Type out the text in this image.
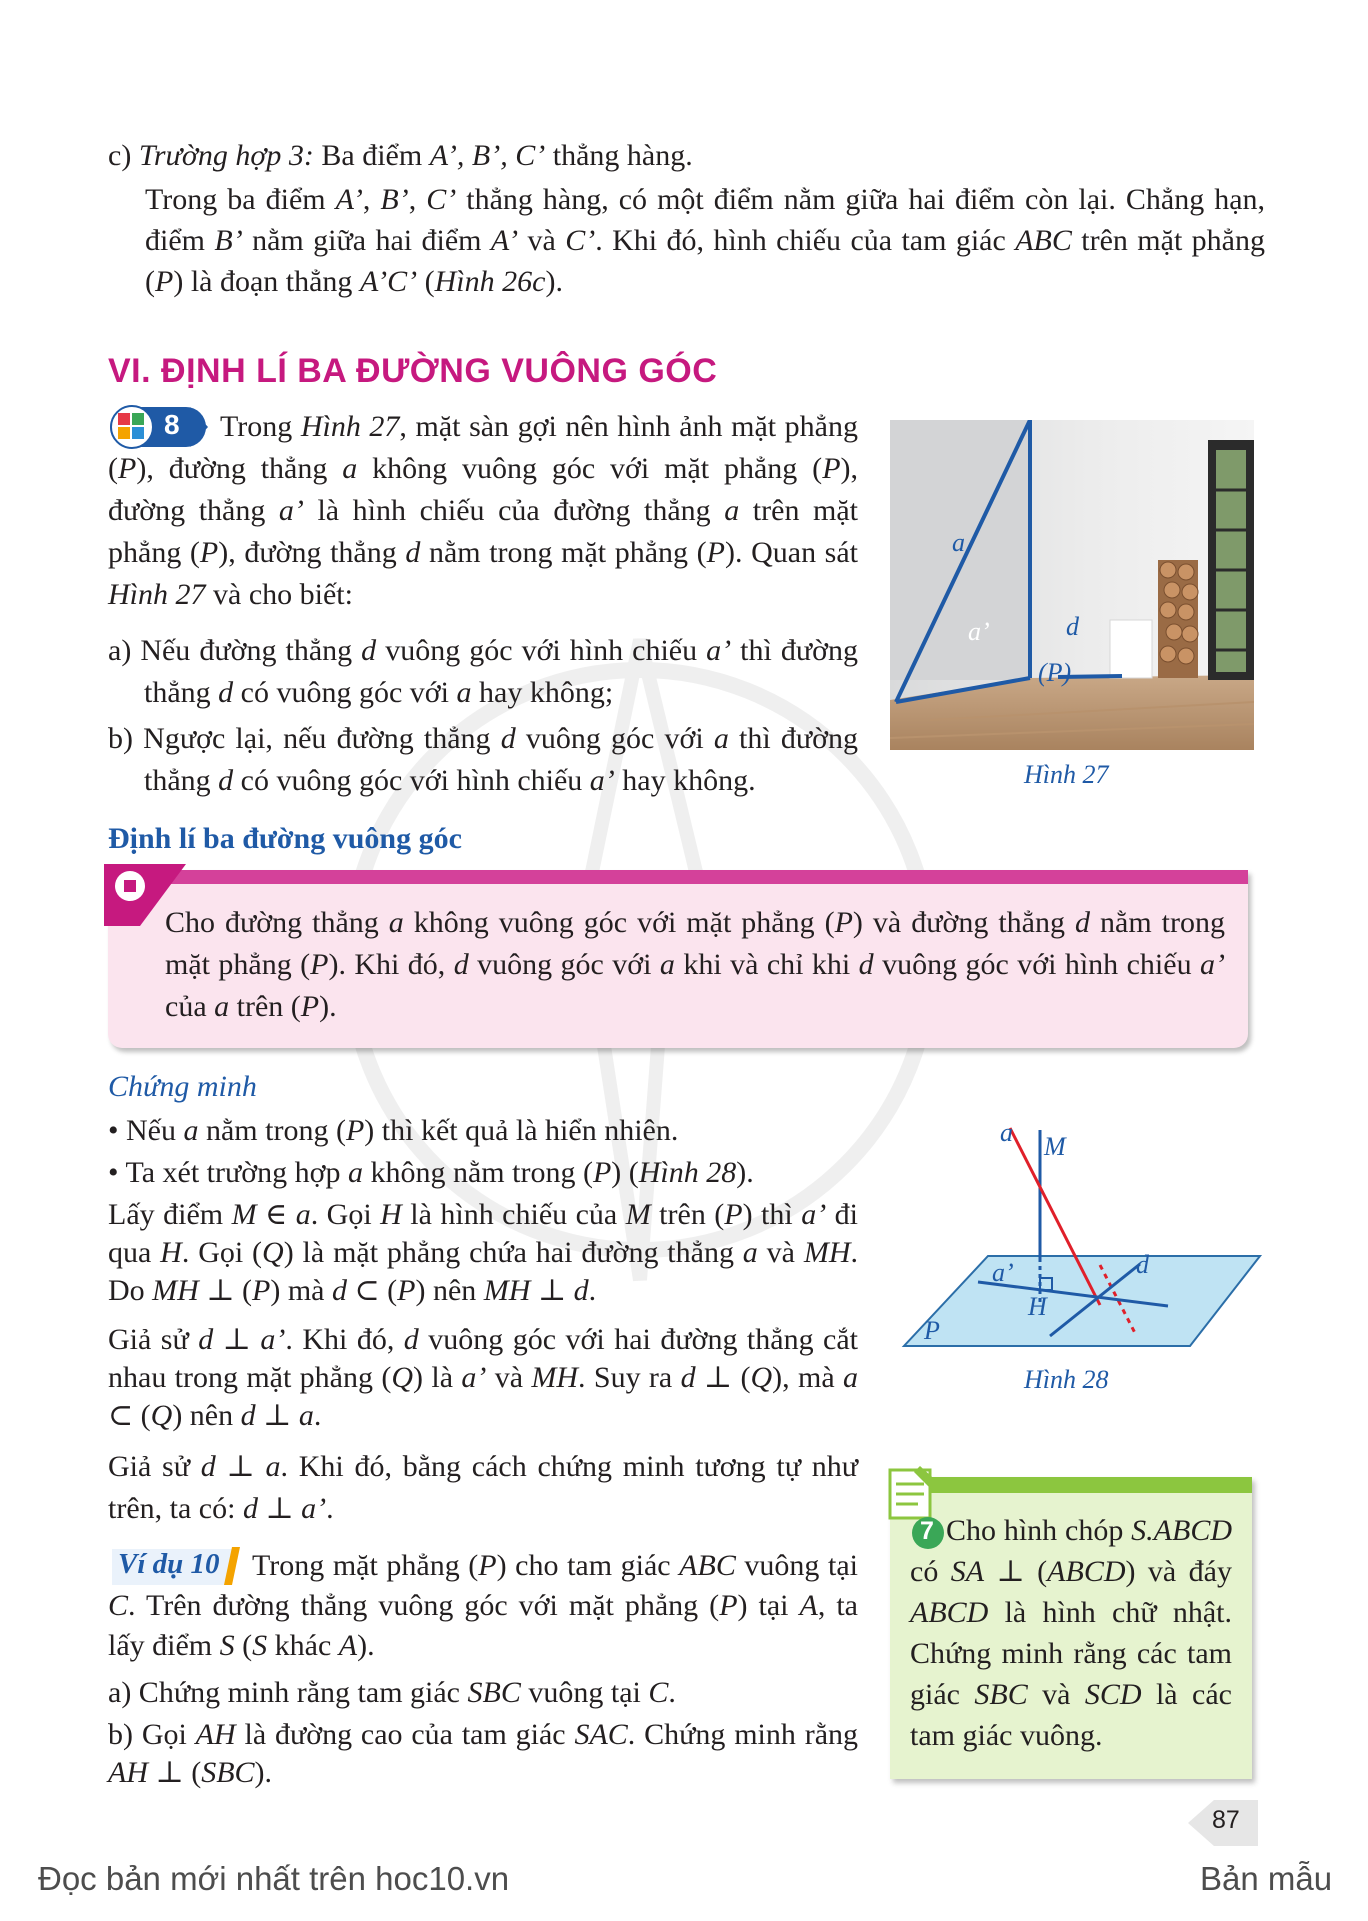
c) Trường hợp 3: Ba điểm A’, B’, C’ thẳng hàng.
Trong ba điểm A’, B’, C’ thẳng hàng, có một điểm nằm giữa hai điểm còn lại. Chẳng hạn, điểm B’ nằm giữa hai điểm A’ và C’. Khi đó, hình chiếu của tam giác ABC trên mặt phẳng (P) là đoạn thẳng A’C’ (Hình 26c).
VI. ĐỊNH LÍ BA ĐƯỜNG VUÔNG GÓC
8	Trong Hình 27, mặt sàn gợi nên hình ảnh mặt phẳng (P), đường thẳng a không vuông góc với mặt phẳng (P), đường thẳng a’ là hình chiếu của đường thẳng a trên mặt phẳng (P), đường thẳng d nằm trong mặt phẳng (P). Quan sát Hình 27 và cho biết:
a) Nếu đường thẳng d vuông góc với hình chiếu a’ thì đường thẳng d có vuông góc với a hay không;
b) Ngược lại, nếu đường thẳng d vuông góc với a thì đường thẳng d có vuông góc với hình chiếu a’ hay không.
a
a’	d
(P)
Hình 27
Định lí ba đường vuông góc
Cho đường thẳng a không vuông góc với mặt phẳng (P) và đường thẳng d nằm trong mặt phẳng (P). Khi đó, d vuông góc với a khi và chỉ khi d vuông góc với hình chiếu a’ của a trên (P).
Chứng minh
• Nếu a nằm trong (P) thì kết quả là hiển nhiên.
• Ta xét trường hợp a không nằm trong (P) (Hình 28).
Lấy điểm M ∈ a. Gọi H là hình chiếu của M trên (P) thì a’ đi qua H. Gọi (Q) là mặt phẳng chứa hai đường thẳng a và MH. Do MH ⊥ (P) mà d ⊂ (P) nên MH ⊥ d.
Giả sử d ⊥ a’. Khi đó, d vuông góc với hai đường thẳng cắt nhau trong mặt phẳng (Q) là a’ và MH. Suy ra d ⊥ (Q), mà a ⊂ (Q) nên d ⊥ a.
Giả sử d ⊥ a. Khi đó, bằng cách chứng minh tương tự như trên, ta có: d ⊥ a’.
a M
a’	d
H
P
Hình 28
Ví dụ 10	Trong mặt phẳng (P) cho tam giác ABC vuông tại C. Trên đường thẳng vuông góc với mặt phẳng (P) tại A, ta lấy điểm S (S khác A).
a) Chứng minh rằng tam giác SBC vuông tại C.
b) Gọi AH là đường cao của tam giác SAC. Chứng minh rằng AH ⊥ (SBC).
7 Cho hình chóp S.ABCD có SA ⊥ (ABCD) và đáy ABCD là hình chữ nhật. Chứng minh rằng các tam giác SBC và SCD là các tam giác vuông.
87
Đọc bản mới nhất trên hoc10.vn	Bản mẫu
